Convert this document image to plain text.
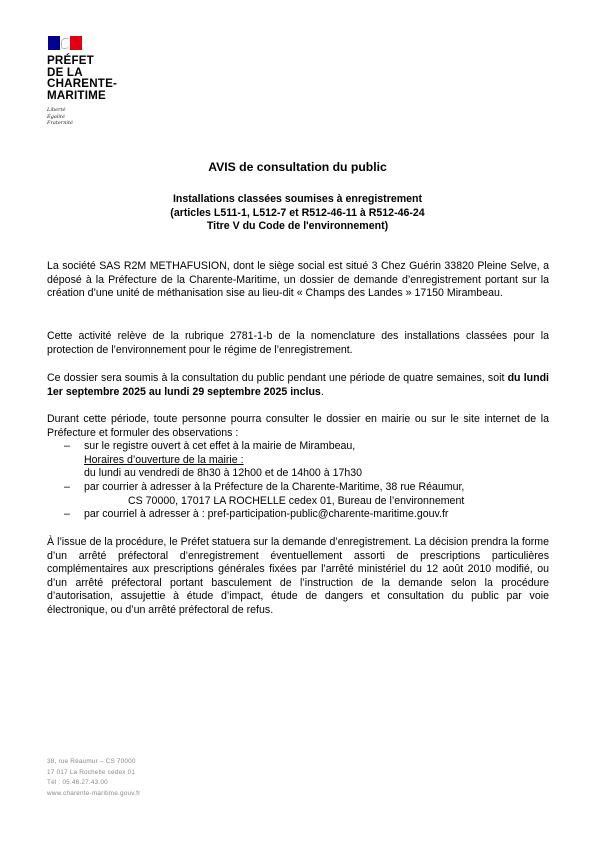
PRÉFET
DE LA
CHARENTE-
MARITIME
Liberté
Égalité
Fraternité
AVIS de consultation du public
Installations classées soumises à enregistrement
(articles L511-1, L512-7 et R512-46-11 à R512-46-24
Titre V du Code de l'environnement)
La société SAS R2M METHAFUSION, dont le siège social est situé 3 Chez Guérin 33820 Pleine Selve, a déposé à la Préfecture de la Charente-Maritime, un dossier de demande d’enregistrement portant sur la création d’une unité de méthanisation sise au lieu-dit « Champs des Landes » 17150 Mirambeau.
Cette activité relève de la rubrique 2781-1-b de la nomenclature des installations classées pour la protection de l’environnement pour le régime de l’enregistrement.
Ce dossier sera soumis à la consultation du public pendant une période de quatre semaines, soit du lundi 1er septembre 2025 au lundi 29 septembre 2025 inclus.
Durant cette période, toute personne pourra consulter le dossier en mairie ou sur le site internet de la Préfecture et formuler des observations :
– sur le registre ouvert à cet effet à la mairie de Mirambeau,
Horaires d’ouverture de la mairie :
du lundi au vendredi de 8h30 à 12h00 et de 14h00 à 17h30
– par courrier à adresser à la Préfecture de la Charente-Maritime, 38 rue Réaumur,
CS 70000, 17017 LA ROCHELLE cedex 01, Bureau de l’environnement
– par courriel à adresser à : pref-participation-public@charente-maritime.gouv.fr
À l’issue de la procédure, le Préfet statuera sur la demande d’enregistrement. La décision prendra la forme d’un arrêté préfectoral d’enregistrement éventuellement assorti de prescriptions particulières complémentaires aux prescriptions générales fixées par l’arrêté ministériel du 12 août 2010 modifié, ou d’un arrêté préfectoral portant basculement de l’instruction de la demande selon la procédure d’autorisation, assujettie à étude d’impact, étude de dangers et consultation du public par voie électronique, ou d’un arrêté préfectoral de refus.
38, rue Réaumur – CS 70000
17 017 La Rochelle cedex 01
Tél : 05.46.27.43.00
www.charente-maritime.gouv.fr
